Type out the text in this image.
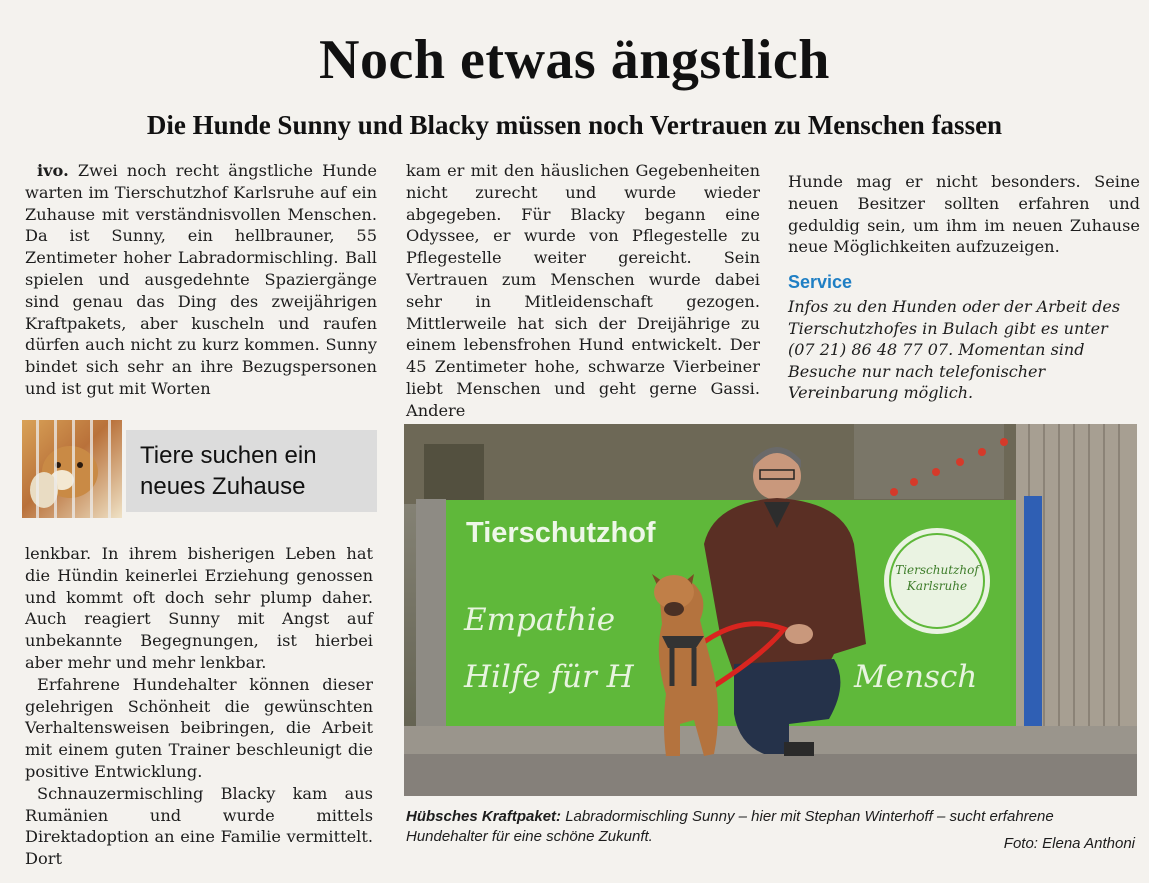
Noch etwas ängstlich
Die Hunde Sunny und Blacky müssen noch Vertrauen zu Menschen fassen

ivo. Zwei noch recht ängstliche Hunde warten im Tierschutzhof Karlsruhe auf ein Zuhause mit verständnisvollen Menschen. Da ist Sunny, ein hellbrauner, 55 Zentimeter hoher Labradormischling. Ball spielen und ausgedehnte Spaziergänge sind genau das Ding des zweijährigen Kraftpakets, aber kuscheln und raufen dürfen auch nicht zu kurz kommen. Sunny bindet sich sehr an ihre Bezugspersonen und ist gut mit Worten

Tiere suchen ein neues Zuhause

lenkbar. In ihrem bisherigen Leben hat die Hündin keinerlei Erziehung genossen und kommt oft doch sehr plump daher. Auch reagiert Sunny mit Angst auf unbekannte Begegnungen, ist hierbei aber mehr und mehr lenkbar.

Erfahrene Hundehalter können dieser gelehrigen Schönheit die gewünschten Verhaltensweisen beibringen, die Arbeit mit einem guten Trainer beschleunigt die positive Entwicklung.

Schnauzermischling Blacky kam aus Rumänien und wurde mittels Direktadoption an eine Familie vermittelt. Dort

kam er mit den häuslichen Gegebenheiten nicht zurecht und wurde wieder abgegeben. Für Blacky begann eine Odyssee, er wurde von Pflegestelle zu Pflegestelle weiter gereicht. Sein Vertrauen zum Menschen wurde dabei sehr in Mitleidenschaft gezogen. Mittlerweile hat sich der Dreijährige zu einem lebensfrohen Hund entwickelt. Der 45 Zentimeter hohe, schwarze Vierbeiner liebt Menschen und geht gerne Gassi. Andere

Hunde mag er nicht besonders. Seine neuen Besitzer sollten erfahren und geduldig sein, um ihm im neuen Zuhause neue Möglichkeiten aufzuzeigen.

Service
Infos zu den Hunden oder der Arbeit des Tierschutzhofes in Bulach gibt es unter (07 21) 86 48 77 07. Momentan sind Besuche nur nach telefonischer Vereinbarung möglich.
Tierschutzhof
Empathie
Hilfe für H	Mensch
Tierschutzhof
Karlsruhe
Hübsches Kraftpaket: Labradormischling Sunny – hier mit Stephan Winterhoff – sucht erfahrene Hundehalter für eine schöne Zukunft.	Foto: Elena Anthoni
